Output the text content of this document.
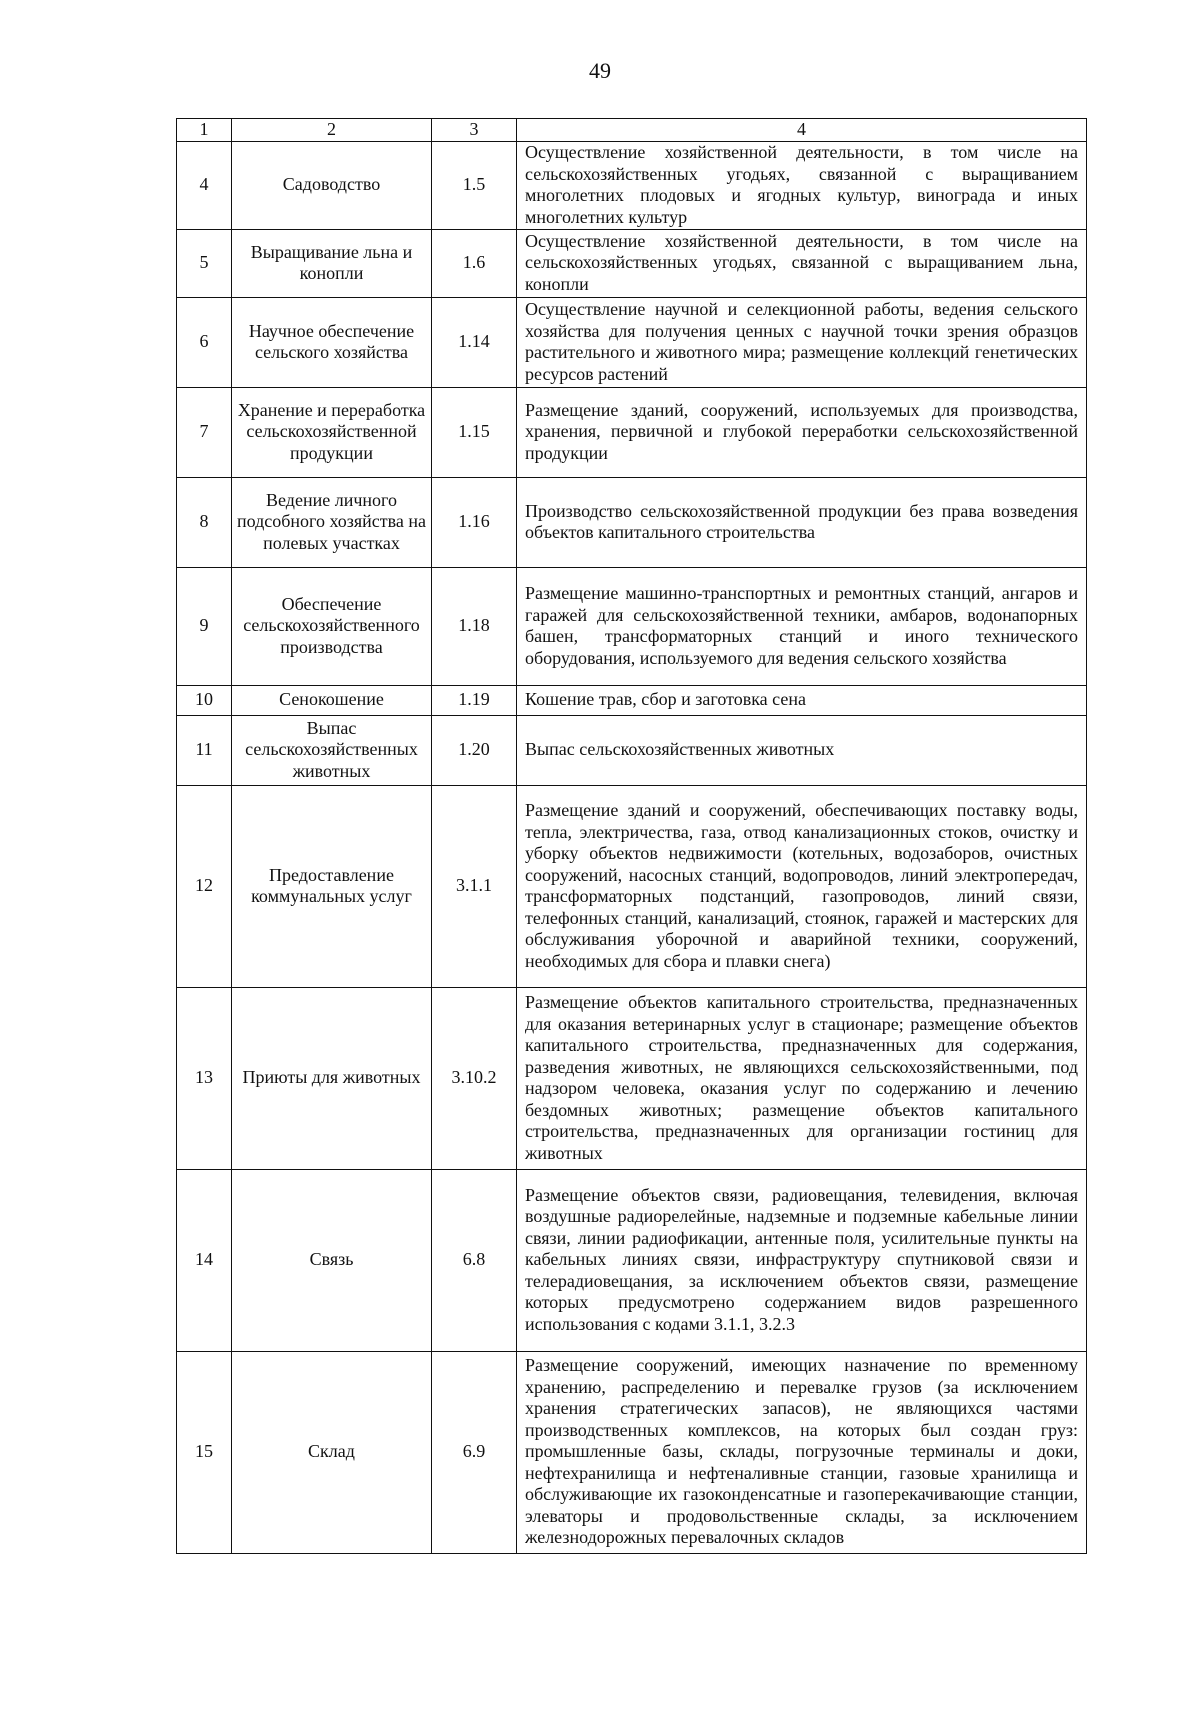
49
1	2	3	4
4	Садоводство	1.5	Осуществление хозяйственной деятельности, в том числе на сельскохозяйственных угодьях, связанной с выращиванием многолетних плодовых и ягодных культур, винограда и иных многолетних культур
5	Выращивание льна и конопли	1.6	Осуществление хозяйственной деятельности, в том числе на сельскохозяйственных угодьях, связанной с выращиванием льна, конопли
6	Научное обеспечение сельского хозяйства	1.14	Осуществление научной и селекционной работы, ведения сельского хозяйства для получения ценных с научной точки зрения образцов растительного и животного мира; размещение коллекций генетических ресурсов растений
7	Хранение и переработка сельскохозяйственной продукции	1.15	Размещение зданий, сооружений, используемых для производства, хранения, первичной и глубокой переработки сельскохозяйственной продукции
8	Ведение личного подсобного хозяйства на полевых участках	1.16	Производство сельскохозяйственной продукции без права возведения объектов капитального строительства
9	Обеспечение сельскохозяйственного производства	1.18	Размещение машинно-транспортных и ремонтных станций, ангаров и гаражей для сельскохозяйственной техники, амбаров, водонапорных башен, трансформаторных станций и иного технического оборудования, используемого для ведения сельского хозяйства
10	Сенокошение	1.19	Кошение трав, сбор и заготовка сена
11	Выпас сельскохозяйственных животных	1.20	Выпас сельскохозяйственных животных
12	Предоставление коммунальных услуг	3.1.1	Размещение зданий и сооружений, обеспечивающих поставку воды, тепла, электричества, газа, отвод канализационных стоков, очистку и уборку объектов недвижимости (котельных, водозаборов, очистных сооружений, насосных станций, водопроводов, линий электропередач, трансформаторных подстанций, газопроводов, линий связи, телефонных станций, канализаций, стоянок, гаражей и мастерских для обслуживания уборочной и аварийной техники, сооружений, необходимых для сбора и плавки снега)
13	Приюты для животных	3.10.2	Размещение объектов капитального строительства, предназначенных для оказания ветеринарных услуг в стационаре; размещение объектов капитального строительства, предназначенных для содержания, разведения животных, не являющихся сельскохозяйственными, под надзором человека, оказания услуг по содержанию и лечению бездомных животных; размещение объектов капитального строительства, предназначенных для организации гостиниц для животных
14	Связь	6.8	Размещение объектов связи, радиовещания, телевидения, включая воздушные радиорелейные, надземные и подземные кабельные линии связи, линии радиофикации, антенные поля, усилительные пункты на кабельных линиях связи, инфраструктуру спутниковой связи и телерадиовещания, за исключением объектов связи, размещение которых предусмотрено содержанием видов разрешенного использования с кодами 3.1.1, 3.2.3
15	Склад	6.9	Размещение сооружений, имеющих назначение по временному хранению, распределению и перевалке грузов (за исключением хранения стратегических запасов), не являющихся частями производственных комплексов, на которых был создан груз: промышленные базы, склады, погрузочные терминалы и доки, нефтехранилища и нефтеналивные станции, газовые хранилища и обслуживающие их газоконденсатные и газоперекачивающие станции, элеваторы и продовольственные склады, за исключением железнодорожных перевалочных складов
